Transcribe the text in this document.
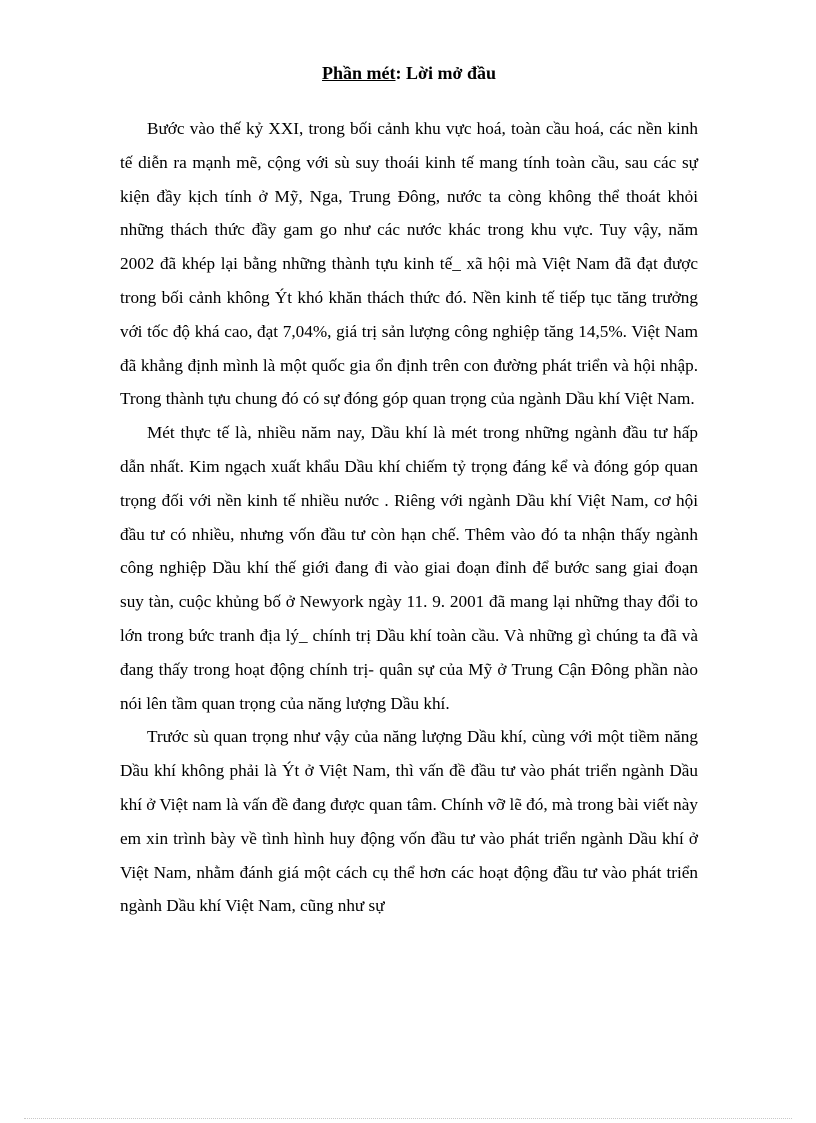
Phần mét: Lời mở đầu

Bước vào thế kỷ XXI, trong bối cảnh khu vực hoá, toàn cầu hoá, các nền kinh tế diễn ra mạnh mẽ, cộng với sù suy thoái kinh tế mang tính toàn cầu, sau các sự kiện đầy kịch tính ở Mỹ, Nga, Trung Đông, nước ta còng không thể thoát khỏi những thách thức đầy gam go như các nước khác trong khu vực. Tuy vậy, năm 2002 đã khép lại bằng những thành tựu kinh tế_ xã hội mà Việt Nam đã đạt được trong bối cảnh không Ýt khó khăn thách thức đó. Nền kinh tế tiếp tục tăng trưởng với tốc độ khá cao, đạt 7,04%, giá trị sản lượng công nghiệp tăng 14,5%. Việt Nam đã khẳng định mình là một quốc gia ổn định trên con đường phát triển và hội nhập. Trong thành tựu chung đó có sự đóng góp quan trọng của ngành Dầu khí Việt Nam.

Mét thực tế là, nhiều năm nay, Dầu khí là mét trong những ngành đầu tư hấp dẫn nhất. Kim ngạch xuất khẩu Dầu khí chiếm tỷ trọng đáng kể và đóng góp quan trọng đối với nền kinh tế nhiều nước . Riêng với ngành Dầu khí Việt Nam, cơ hội đầu tư có nhiều, nhưng vốn đầu tư còn hạn chế. Thêm vào đó ta nhận thấy ngành công nghiệp Dầu khí thế giới đang đi vào giai đoạn đỉnh để bước sang giai đoạn suy tàn, cuộc khủng bố ở Newyork ngày 11. 9. 2001 đã mang lại những thay đổi to lớn trong bức tranh địa lý_ chính trị Dầu khí toàn cầu. Và những gì chúng ta đã và đang thấy trong hoạt động chính trị- quân sự của Mỹ ở Trung Cận Đông phần nào nói lên tầm quan trọng của năng lượng Dầu khí.

Trước sù quan trọng như vậy của năng lượng Dầu khí, cùng với một tiềm năng Dầu khí không phải là Ýt ở Việt Nam, thì vấn đề đầu tư vào phát triển ngành Dầu khí ở Việt nam là vấn đề đang được quan tâm. Chính vỡ lẽ đó, mà trong bài viết này em xin trình bày về tình hình huy động vốn đầu tư vào phát triển ngành Dầu khí ở Việt Nam, nhằm đánh giá một cách cụ thể hơn các hoạt động đầu tư vào phát triển ngành Dầu khí Việt Nam, cũng như sự
